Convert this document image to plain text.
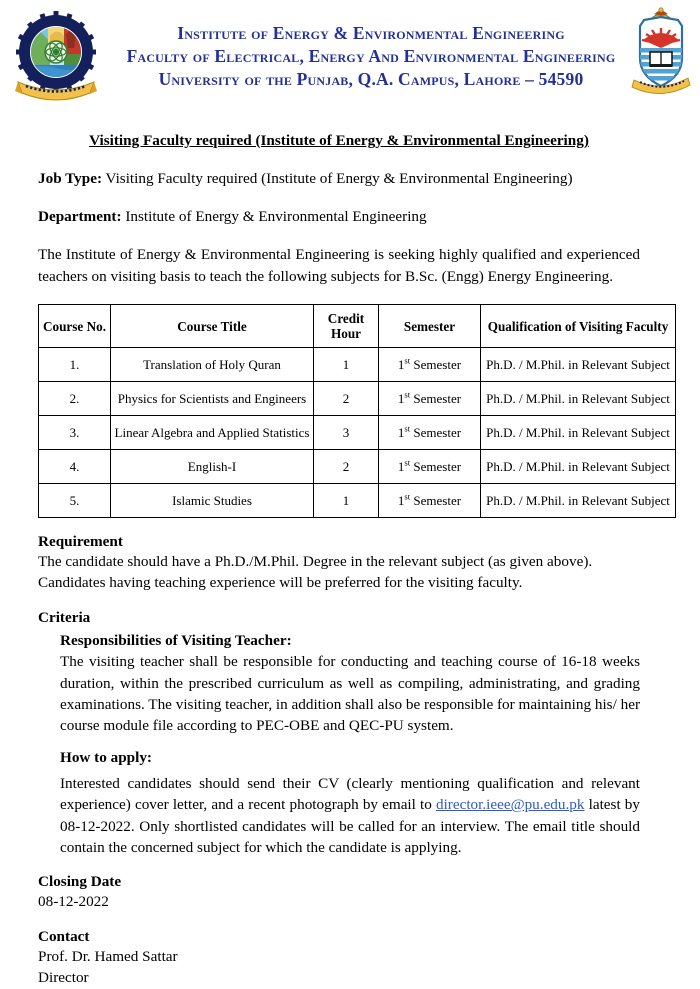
Institute of Energy & Environmental Engineering
Faculty of Electrical, Energy And Environmental Engineering
University of the Punjab, Q.A. Campus, Lahore – 54590
Visiting Faculty required (Institute of Energy & Environmental Engineering)
Job Type: Visiting Faculty required (Institute of Energy & Environmental Engineering)
Department: Institute of Energy & Environmental Engineering
The Institute of Energy & Environmental Engineering is seeking highly qualified and experienced teachers on visiting basis to teach the following subjects for B.Sc. (Engg) Energy Engineering.
Course No.	Course Title	Credit Hour	Semester	Qualification of Visiting Faculty
1.	Translation of Holy Quran	1	1st Semester	Ph.D. / M.Phil. in Relevant Subject
2.	Physics for Scientists and Engineers	2	1st Semester	Ph.D. / M.Phil. in Relevant Subject
3.	Linear Algebra and Applied Statistics	3	1st Semester	Ph.D. / M.Phil. in Relevant Subject
4.	English-I	2	1st Semester	Ph.D. / M.Phil. in Relevant Subject
5.	Islamic Studies	1	1st Semester	Ph.D. / M.Phil. in Relevant Subject
Requirement
The candidate should have a Ph.D./M.Phil. Degree in the relevant subject (as given above).
Candidates having teaching experience will be preferred for the visiting faculty.
Criteria
Responsibilities of Visiting Teacher:
The visiting teacher shall be responsible for conducting and teaching course of 16-18 weeks duration, within the prescribed curriculum as well as compiling, administrating, and grading examinations. The visiting teacher, in addition shall also be responsible for maintaining his/ her course module file according to PEC-OBE and QEC-PU system.
How to apply:
Interested candidates should send their CV (clearly mentioning qualification and relevant experience) cover letter, and a recent photograph by email to director.ieee@pu.edu.pk latest by 08-12-2022. Only shortlisted candidates will be called for an interview. The email title should contain the concerned subject for which the candidate is applying.
Closing Date
08-12-2022
Contact
Prof. Dr. Hamed Sattar
Director
